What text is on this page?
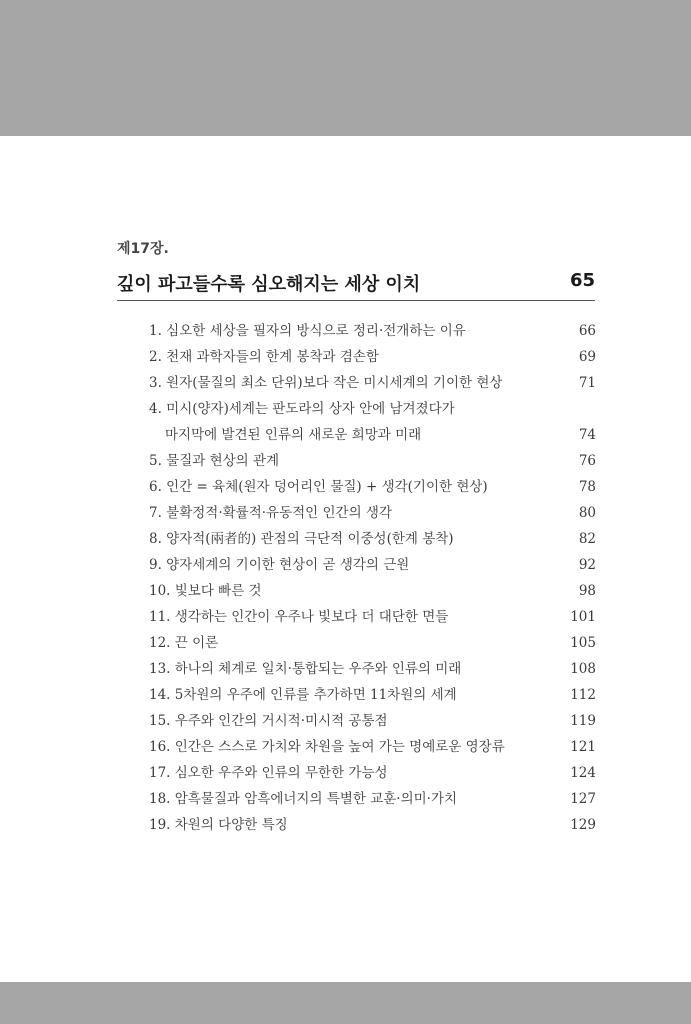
제17장.
깊이 파고들수록 심오해지는 세상 이치	65
1. 심오한 세상을 필자의 방식으로 정리·전개하는 이유	66
2. 천재 과학자들의 한계 봉착과 겸손함	69
3. 원자(물질의 최소 단위)보다 작은 미시세계의 기이한 현상	71
4. 미시(양자)세계는 판도라의 상자 안에 남겨졌다가
마지막에 발견된 인류의 새로운 희망과 미래	74
5. 물질과 현상의 관계	76
6. 인간 = 육체(원자 덩어리인 물질) + 생각(기이한 현상)	78
7. 불확정적·확률적·유동적인 인간의 생각	80
8. 양자적(兩者的) 관점의 극단적 이중성(한계 봉착)	82
9. 양자세계의 기이한 현상이 곧 생각의 근원	92
10. 빛보다 빠른 것	98
11. 생각하는 인간이 우주나 빛보다 더 대단한 면들	101
12. 끈 이론	105
13. 하나의 체계로 일치·통합되는 우주와 인류의 미래	108
14. 5차원의 우주에 인류를 추가하면 11차원의 세계	112
15. 우주와 인간의 거시적·미시적 공통점	119
16. 인간은 스스로 가치와 차원을 높여 가는 명예로운 영장류	121
17. 심오한 우주와 인류의 무한한 가능성	124
18. 암흑물질과 암흑에너지의 특별한 교훈·의미·가치	127
19. 차원의 다양한 특징	129
